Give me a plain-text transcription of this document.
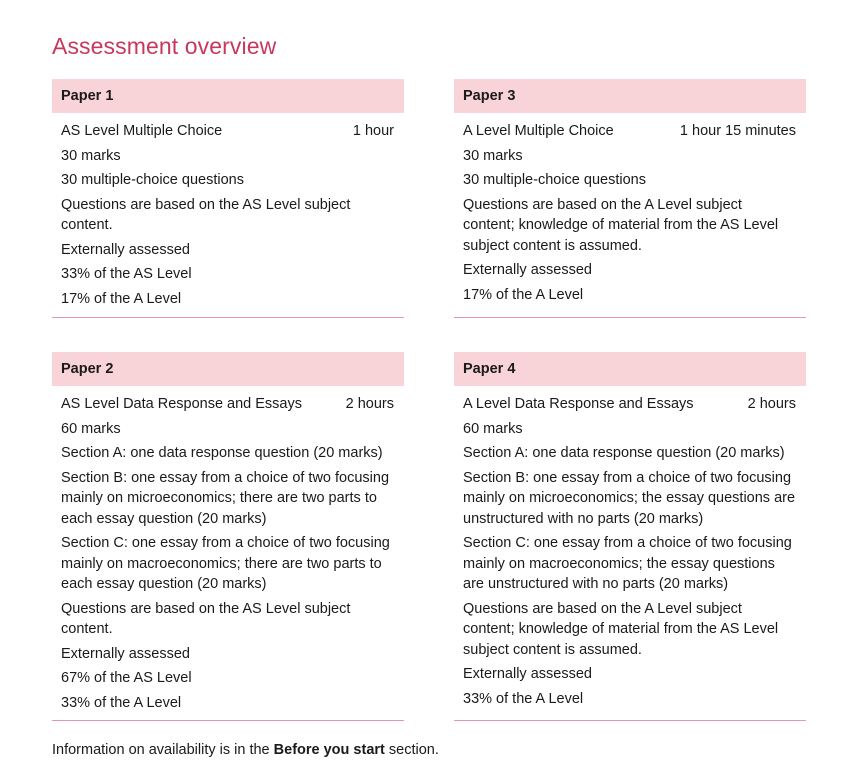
Assessment overview
Paper 1
AS Level Multiple Choice	1 hour
30 marks
30 multiple-choice questions
Questions are based on the AS Level subject content.
Externally assessed
33% of the AS Level
17% of the A Level
Paper 3
A Level Multiple Choice	1 hour 15 minutes
30 marks
30 multiple-choice questions
Questions are based on the A Level subject content; knowledge of material from the AS Level subject content is assumed.
Externally assessed
17% of the A Level
Paper 2
AS Level Data Response and Essays	2 hours
60 marks
Section A: one data response question (20 marks)
Section B: one essay from a choice of two focusing mainly on microeconomics; there are two parts to each essay question (20 marks)
Section C: one essay from a choice of two focusing mainly on macroeconomics; there are two parts to each essay question (20 marks)
Questions are based on the AS Level subject content.
Externally assessed
67% of the AS Level
33% of the A Level
Paper 4
A Level Data Response and Essays	2 hours
60 marks
Section A: one data response question (20 marks)
Section B: one essay from a choice of two focusing mainly on microeconomics; the essay questions are unstructured with no parts (20 marks)
Section C: one essay from a choice of two focusing mainly on macroeconomics; the essay questions are unstructured with no parts (20 marks)
Questions are based on the A Level subject content; knowledge of material from the AS Level subject content is assumed.
Externally assessed
33% of the A Level
Information on availability is in the Before you start section.
